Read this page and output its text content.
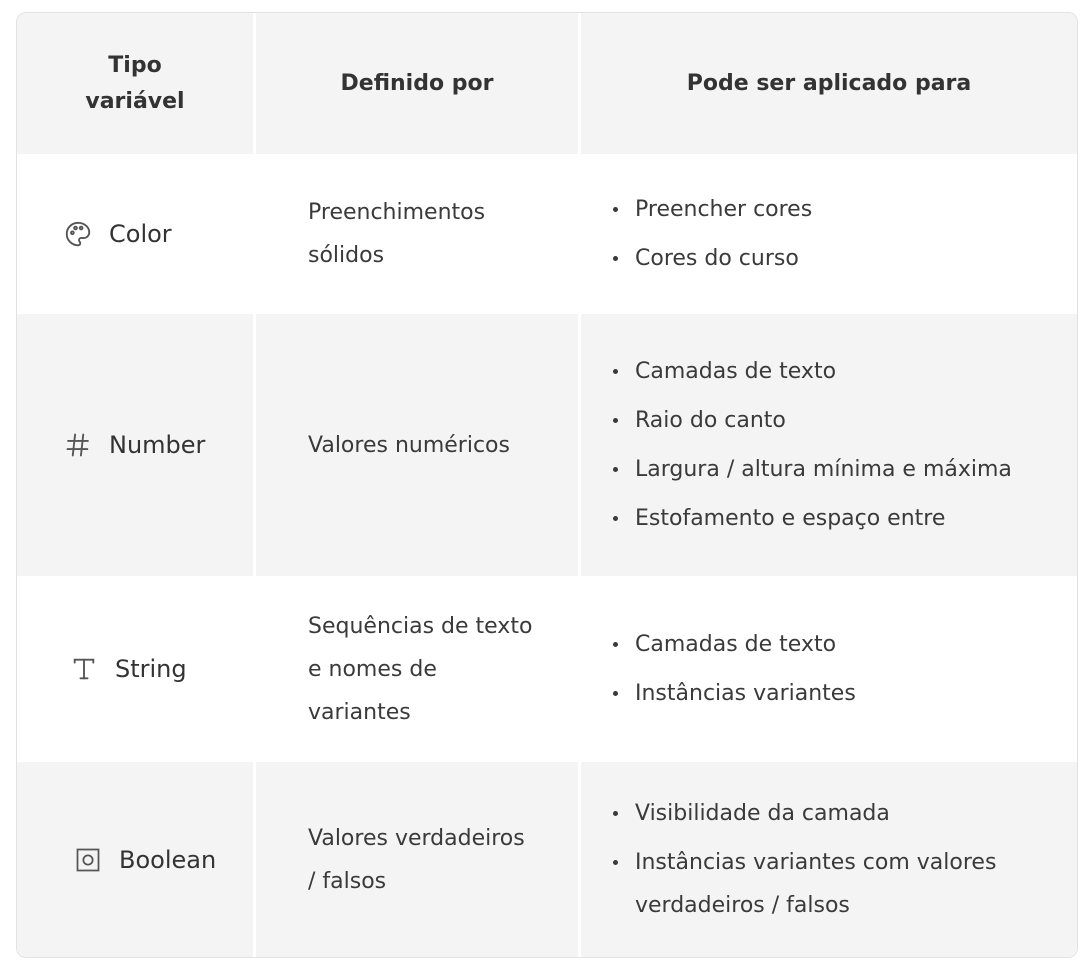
Tipo
variável
Definido por	Pode ser aplicado para
Color
Preenchimentos
sólidos
Preencher cores
Cores do curso
Number	Valores numéricos
Camadas de texto
Raio do canto
Largura / altura mínima e máxima
Estofamento e espaço entre
String
Sequências de texto
e nomes de
variantes
Camadas de texto
Instâncias variantes
Boolean
Valores verdadeiros
/ falsos
Visibilidade da camada
Instâncias variantes com valores
verdadeiros / falsos
